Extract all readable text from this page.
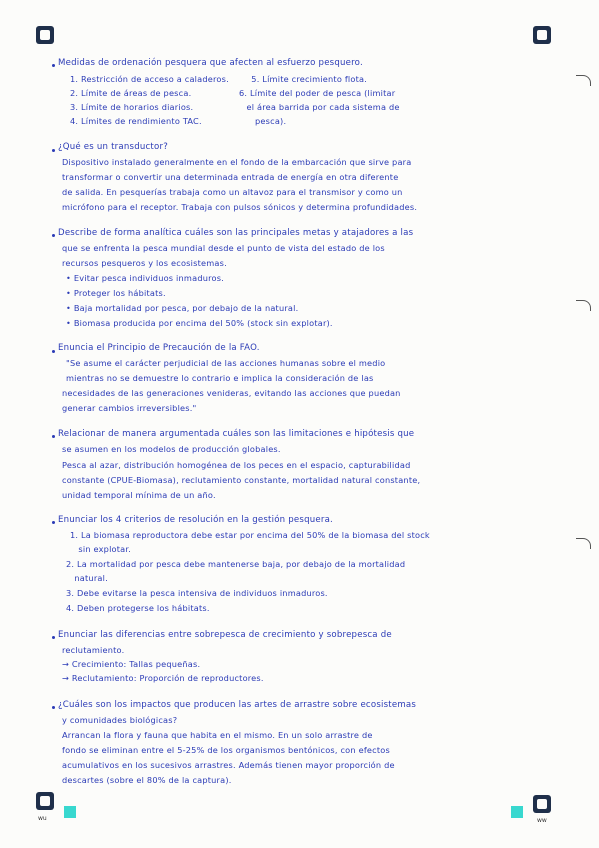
wu	ww
Medidas de ordenación pesquera que afecten al esfuerzo pesquero.
1. Restricción de acceso a caladeros.        5. Límite crecimiento flota.
2. Límite de áreas de pesca.                 6. Límite del poder de pesca (limitar
3. Límite de horarios diarios.                   el área barrida por cada sistema de
4. Límites de rendimiento TAC.                   pesca).
¿Qué es un transductor?
Dispositivo instalado generalmente en el fondo de la embarcación que sirve para
transformar o convertir una determinada entrada de energía en otra diferente
de salida. En pesquerías trabaja como un altavoz para el transmisor y como un
micrófono para el receptor. Trabaja con pulsos sónicos y determina profundidades.
Describe de forma analítica cuáles son las principales metas y atajadores a las
que se enfrenta la pesca mundial desde el punto de vista del estado de los
recursos pesqueros y los ecosistemas.
• Evitar pesca individuos inmaduros.
• Proteger los hábitats.
• Baja mortalidad por pesca, por debajo de la natural.
• Biomasa producida por encima del 50% (stock sin explotar).
Enuncia el Principio de Precaución de la FAO.
"Se asume el carácter perjudicial de las acciones humanas sobre el medio
mientras no se demuestre lo contrario e implica la consideración de las
necesidades de las generaciones venideras, evitando las acciones que puedan
generar cambios irreversibles."
Relacionar de manera argumentada cuáles son las limitaciones e hipótesis que
se asumen en los modelos de producción globales.
Pesca al azar, distribución homogénea de los peces en el espacio, capturabilidad
constante (CPUE-Biomasa), reclutamiento constante, mortalidad natural constante,
unidad temporal mínima de un año.
Enunciar los 4 criterios de resolución en la gestión pesquera.
1. La biomasa reproductora debe estar por encima del 50% de la biomasa del stock
sin explotar.
2. La mortalidad por pesca debe mantenerse baja, por debajo de la mortalidad
natural.
3. Debe evitarse la pesca intensiva de individuos inmaduros.
4. Deben protegerse los hábitats.
Enunciar las diferencias entre sobrepesca de crecimiento y sobrepesca de
reclutamiento.
→ Crecimiento: Tallas pequeñas.
→ Reclutamiento: Proporción de reproductores.
¿Cuáles son los impactos que producen las artes de arrastre sobre ecosistemas
y comunidades biológicas?
Arrancan la flora y fauna que habita en el mismo. En un solo arrastre de
fondo se eliminan entre el 5-25% de los organismos bentónicos, con efectos
acumulativos en los sucesivos arrastres. Además tienen mayor proporción de
descartes (sobre el 80% de la captura).
